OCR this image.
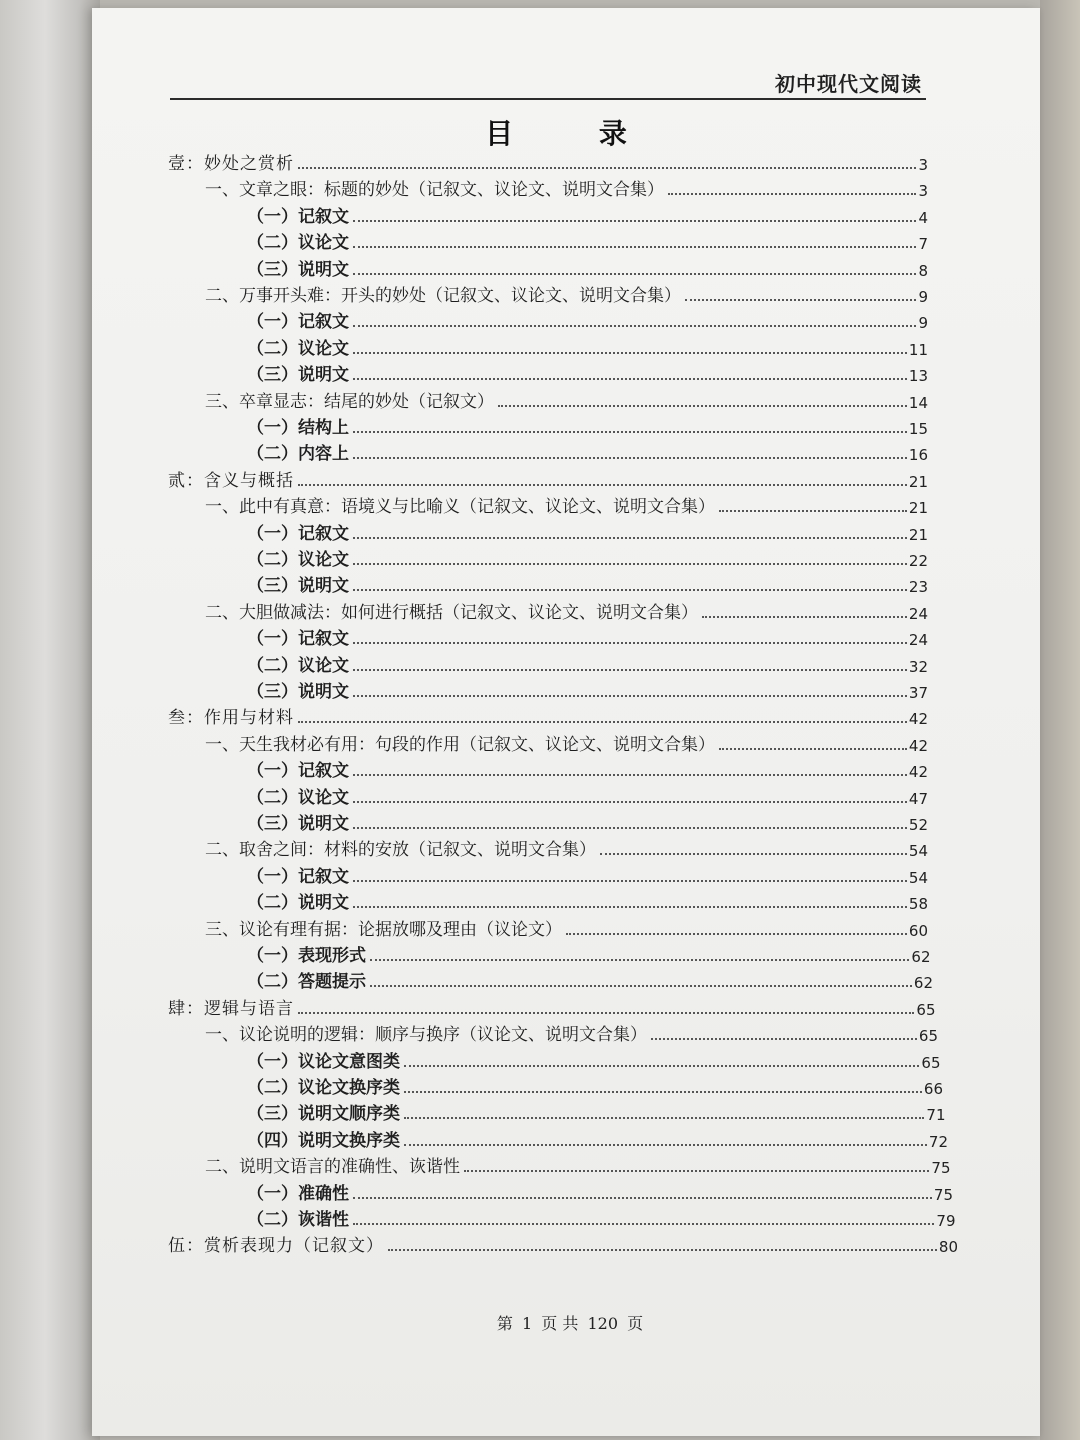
初中现代文阅读
目 录
壹：妙处之赏析	3
一、文章之眼：标题的妙处（记叙文、议论文、说明文合集）	3
（一）记叙文	4
（二）议论文	7
（三）说明文	8
二、万事开头难：开头的妙处（记叙文、议论文、说明文合集）	9
（一）记叙文	9
（二）议论文	11
（三）说明文	13
三、卒章显志：结尾的妙处（记叙文）	14
（一）结构上	15
（二）内容上	16
贰：含义与概括	21
一、此中有真意：语境义与比喻义（记叙文、议论文、说明文合集）	21
（一）记叙文	21
（二）议论文	22
（三）说明文	23
二、大胆做减法：如何进行概括（记叙文、议论文、说明文合集）	24
（一）记叙文	24
（二）议论文	32
（三）说明文	37
叁：作用与材料	42
一、天生我材必有用：句段的作用（记叙文、议论文、说明文合集）	42
（一）记叙文	42
（二）议论文	47
（三）说明文	52
二、取舍之间：材料的安放（记叙文、说明文合集）	54
（一）记叙文	54
（二）说明文	58
三、议论有理有据：论据放哪及理由（议论文）	60
（一）表现形式	62
（二）答题提示	62
肆：逻辑与语言	65
一、议论说明的逻辑：顺序与换序（议论文、说明文合集）	65
（一）议论文意图类	65
（二）议论文换序类	66
（三）说明文顺序类	71
（四）说明文换序类	72
二、说明文语言的准确性、诙谐性	75
（一）准确性	75
（二）诙谐性	79
伍：赏析表现力（记叙文）	80
第 1 页 共 120 页
